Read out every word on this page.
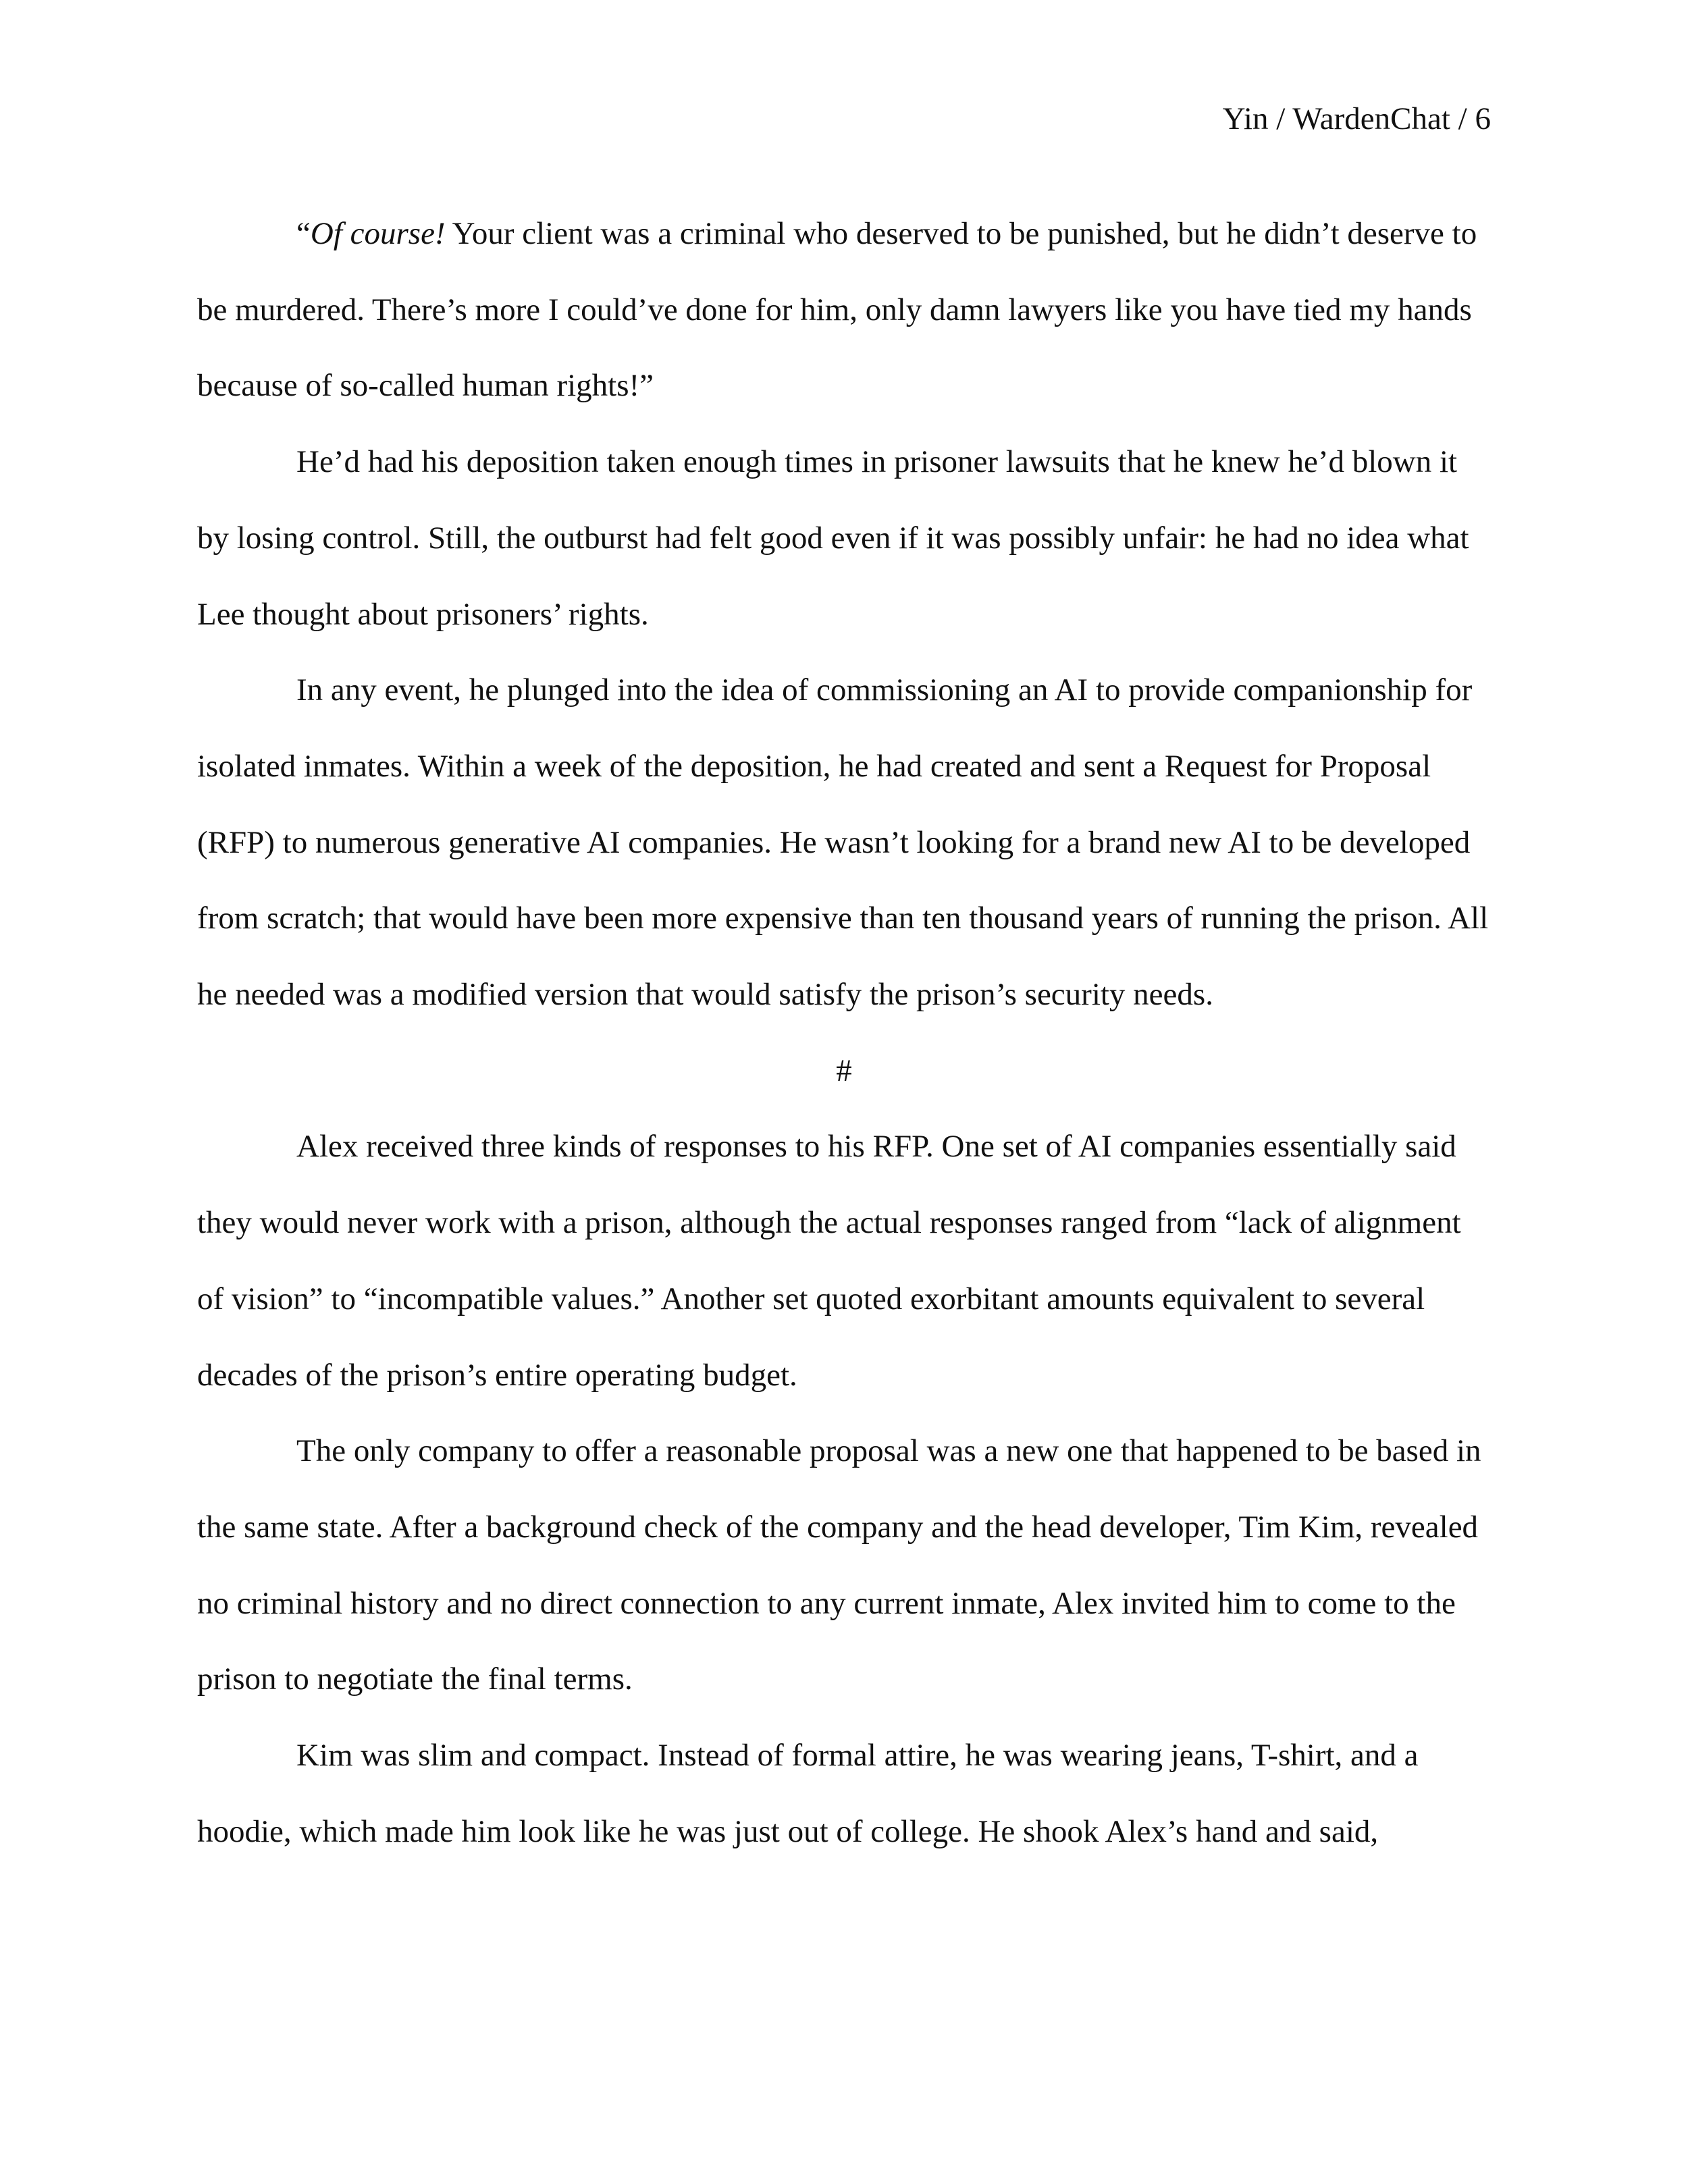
Yin / WardenChat / 6

“Of course! Your client was a criminal who deserved to be punished, but he didn’t deserve to be murdered. There’s more I could’ve done for him, only damn lawyers like you have tied my hands because of so-called human rights!”

He’d had his deposition taken enough times in prisoner lawsuits that he knew he’d blown it by losing control. Still, the outburst had felt good even if it was possibly unfair: he had no idea what Lee thought about prisoners’ rights.

In any event, he plunged into the idea of commissioning an AI to provide companionship for isolated inmates. Within a week of the deposition, he had created and sent a Request for Proposal (RFP) to numerous generative AI companies. He wasn’t looking for a brand new AI to be developed from scratch; that would have been more expensive than ten thousand years of running the prison. All he needed was a modified version that would satisfy the prison’s security needs.

#

Alex received three kinds of responses to his RFP. One set of AI companies essentially said they would never work with a prison, although the actual responses ranged from “lack of alignment of vision” to “incompatible values.” Another set quoted exorbitant amounts equivalent to several decades of the prison’s entire operating budget.

The only company to offer a reasonable proposal was a new one that happened to be based in the same state. After a background check of the company and the head developer, Tim Kim, revealed no criminal history and no direct connection to any current inmate, Alex invited him to come to the prison to negotiate the final terms.

Kim was slim and compact. Instead of formal attire, he was wearing jeans, T-shirt, and a hoodie, which made him look like he was just out of college. He shook Alex’s hand and said,
